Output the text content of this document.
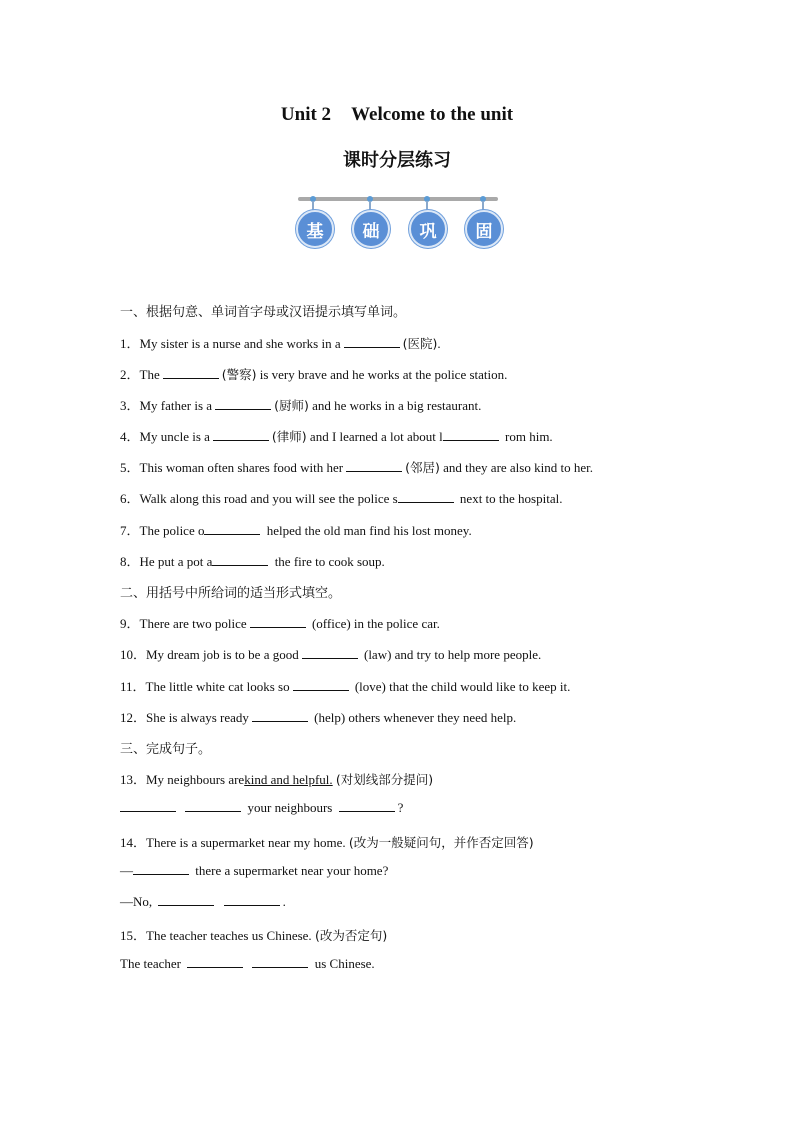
Unit 2 Welcome to the unit
课时分层练习
基	础	巩	固
一、根据句意、单词首字母或汉语提示填写单词。
1．My sister is a nurse and she works in a	(医院).
2．The	(警察) is very brave and he works at the police station.
3．My father is a	(厨师) and he works in a big restaurant.
4．My uncle is a	(律师) and I learned a lot about l	rom him.
5．This woman often shares food with her	(邻居) and they are also kind to her.
6．Walk along this road and you will see the police s	next to the hospital.
7．The police o	helped the old man find his lost money.
8．He put a pot a	the fire to cook soup.
二、用括号中所给词的适当形式填空。
9．There are two police	(office) in the police car.
10．My dream job is to be a good	(law) and try to help more people.
11．The little white cat looks so	(love) that the child would like to keep it.
12．She is always ready	(help) others whenever they need help.
三、完成句子。
13．My neighbours arekind and helpful. (对划线部分提问)
your neighbours	?
14．There is a supermarket near my home. (改为一般疑问句，并作否定回答)
—	there a supermarket near your home?
—No,	.
15．The teacher teaches us Chinese. (改为否定句)
The teacher	us Chinese.
